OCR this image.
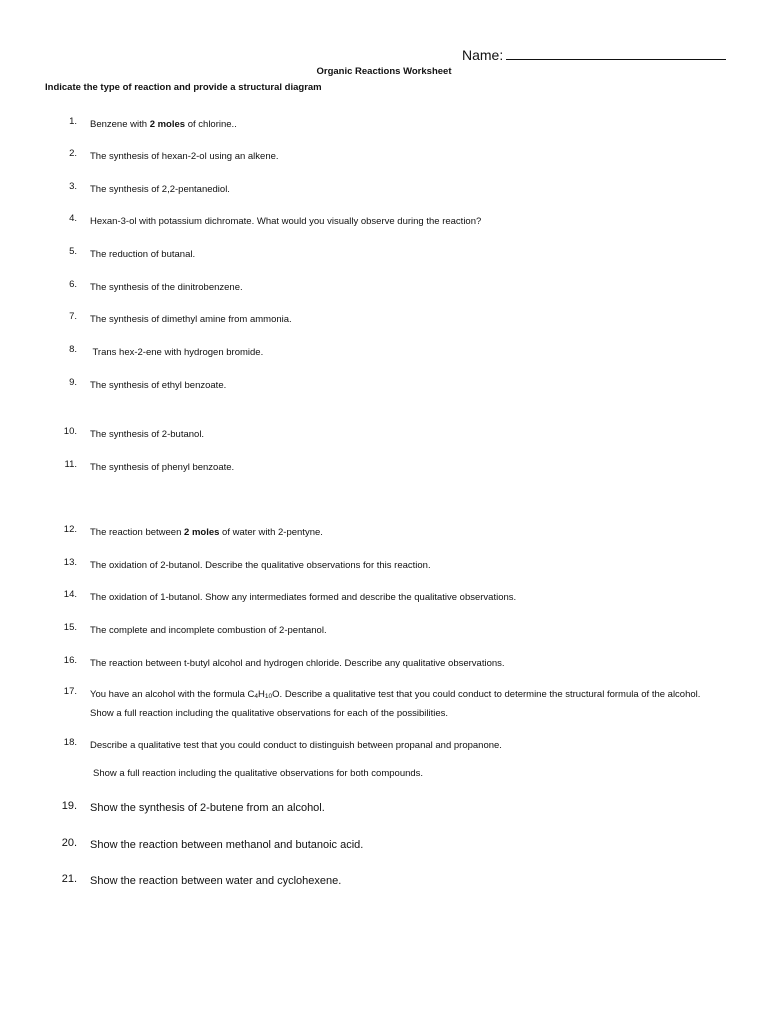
Name:
Organic Reactions Worksheet
Indicate the type of reaction and provide a structural diagram
1. Benzene with 2 moles of chlorine..
2. The synthesis of hexan-2-ol using an alkene.
3. The synthesis of 2,2-pentanediol.
4. Hexan-3-ol with potassium dichromate. What would you visually observe during the reaction?
5. The reduction of butanal.
6. The synthesis of the dinitrobenzene.
7. The synthesis of dimethyl amine from ammonia.
8. Trans hex-2-ene with hydrogen bromide.
9. The synthesis of ethyl benzoate.
10. The synthesis of 2-butanol.
11. The synthesis of phenyl benzoate.
12. The reaction between 2 moles of water with 2-pentyne.
13. The oxidation of 2-butanol. Describe the qualitative observations for this reaction.
14. The oxidation of 1-butanol. Show any intermediates formed and describe the qualitative observations.
15. The complete and incomplete combustion of 2-pentanol.
16. The reaction between t-butyl alcohol and hydrogen chloride. Describe any qualitative observations.
17. You have an alcohol with the formula C4H10O. Describe a qualitative test that you could conduct to determine the structural formula of the alcohol. Show a full reaction including the qualitative observations for each of the possibilities.
18. Describe a qualitative test that you could conduct to distinguish between propanal and propanone.
Show a full reaction including the qualitative observations for both compounds.
19. Show the synthesis of 2-butene from an alcohol.
20. Show the reaction between methanol and butanoic acid.
21. Show the reaction between water and cyclohexene.
